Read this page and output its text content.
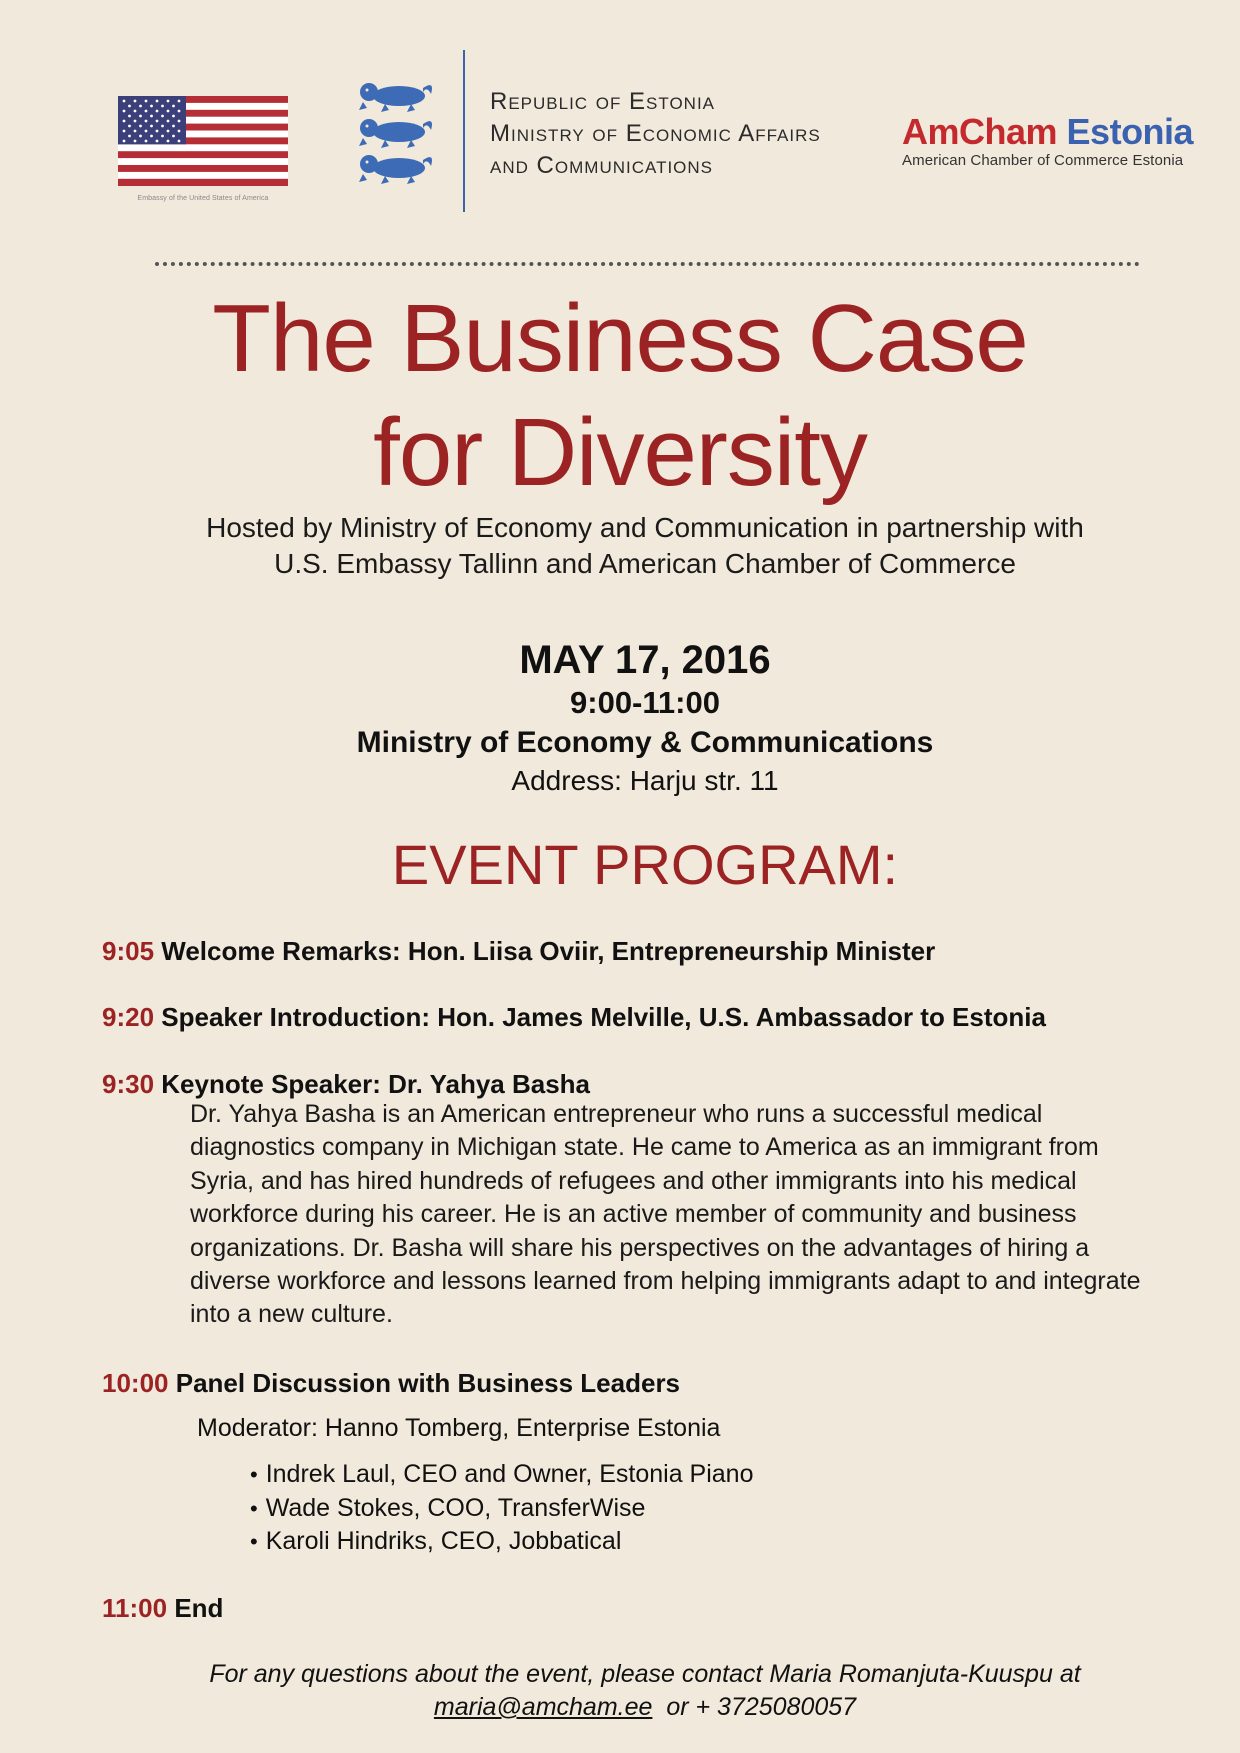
Embassy of the United States of America
Republic of Estonia
Ministry of Economic Affairs
and Communications
AmCham Estonia
American Chamber of Commerce Estonia
The Business Case
for Diversity
Hosted by Ministry of Economy and Communication in partnership with
U.S. Embassy Tallinn and American Chamber of Commerce
MAY 17, 2016
9:00-11:00
Ministry of Economy & Communications
Address: Harju str. 11
EVENT PROGRAM:
9:05 Welcome Remarks: Hon. Liisa Oviir, Entrepreneurship Minister
9:20 Speaker Introduction: Hon. James Melville, U.S. Ambassador to Estonia
9:30 Keynote Speaker: Dr. Yahya Basha
Dr. Yahya Basha is an American entrepreneur who runs a successful medical
diagnostics company in Michigan state. He came to America as an immigrant from
Syria, and has hired hundreds of refugees and other immigrants into his medical
workforce during his career. He is an active member of community and business
organizations. Dr. Basha will share his perspectives on the advantages of hiring a
diverse workforce and lessons learned from helping immigrants adapt to and integrate
into a new culture.
10:00 Panel Discussion with Business Leaders
Moderator: Hanno Tomberg, Enterprise Estonia
• Indrek Laul, CEO and Owner, Estonia Piano
• Wade Stokes, COO, TransferWise
• Karoli Hindriks, CEO, Jobbatical
11:00 End
For any questions about the event, please contact Maria Romanjuta-Kuuspu at
maria@amcham.ee  or + 3725080057
